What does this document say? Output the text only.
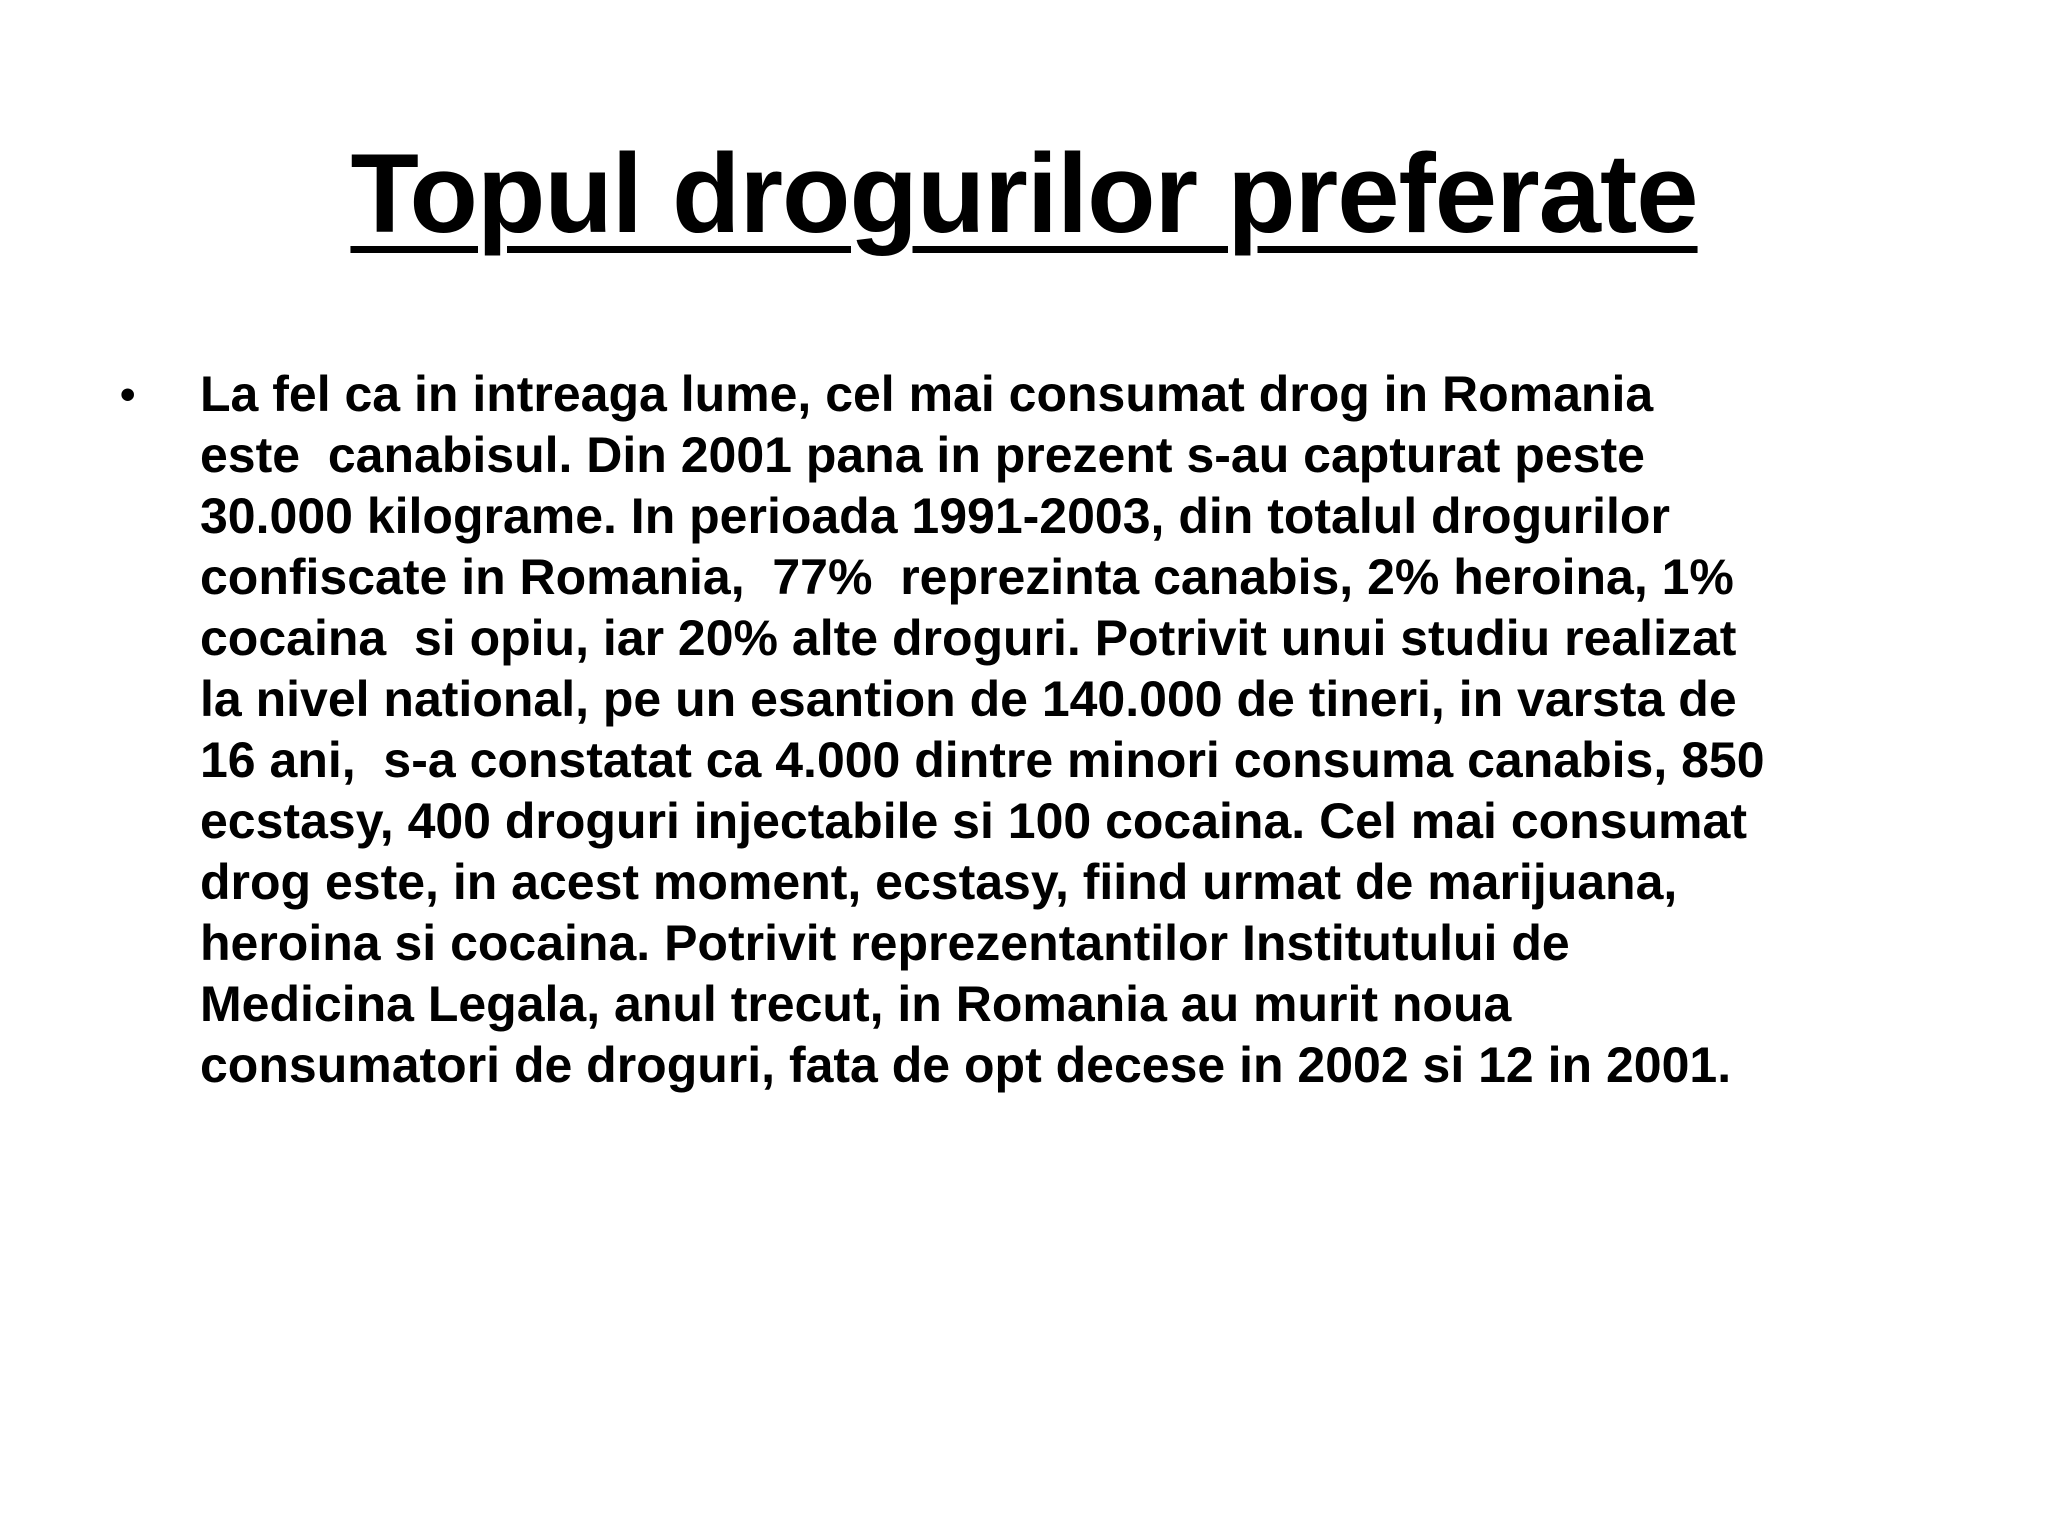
Topul drogurilor preferate
•	La fel ca in intreaga lume, cel mai consumat drog in Romania
este  canabisul. Din 2001 pana in prezent s-au capturat peste
30.000 kilograme. In perioada 1991-2003, din totalul drogurilor
confiscate in Romania,  77%  reprezinta canabis, 2% heroina, 1%
cocaina  si opiu, iar 20% alte droguri. Potrivit unui studiu realizat
la nivel national, pe un esantion de 140.000 de tineri, in varsta de
16 ani,  s-a constatat ca 4.000 dintre minori consuma canabis, 850
ecstasy, 400 droguri injectabile si 100 cocaina. Cel mai consumat
drog este, in acest moment, ecstasy, fiind urmat de marijuana,
heroina si cocaina. Potrivit reprezentantilor Institutului de
Medicina Legala, anul trecut, in Romania au murit noua
consumatori de droguri, fata de opt decese in 2002 si 12 in 2001.
